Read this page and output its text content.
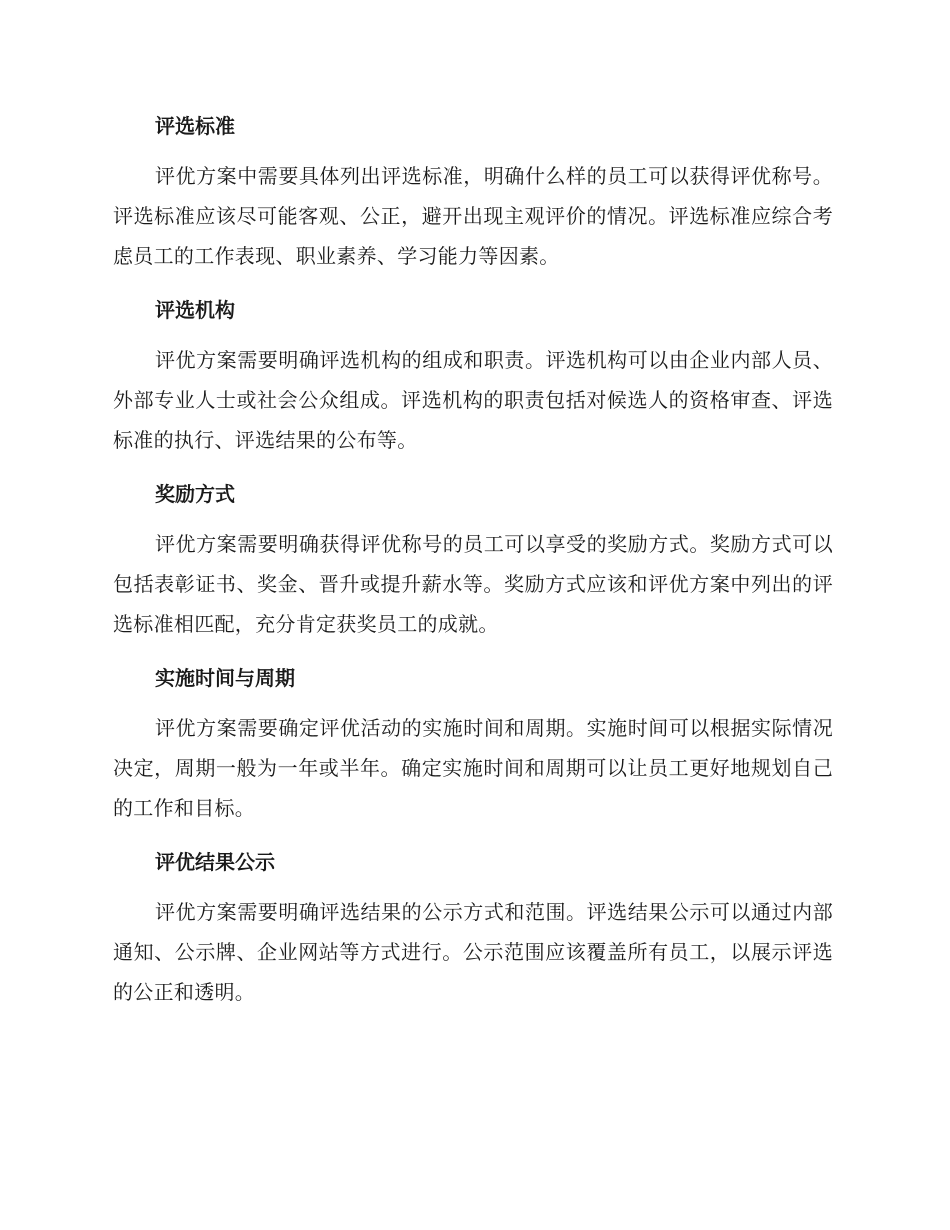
评选标准

评优方案中需要具体列出评选标准，明确什么样的员工可以获得评优称号。评选标准应该尽可能客观、公正，避开出现主观评价的情况。评选标准应综合考虑员工的工作表现、职业素养、学习能力等因素。

评选机构

评优方案需要明确评选机构的组成和职责。评选机构可以由企业内部人员、外部专业人士或社会公众组成。评选机构的职责包括对候选人的资格审查、评选标准的执行、评选结果的公布等。

奖励方式

评优方案需要明确获得评优称号的员工可以享受的奖励方式。奖励方式可以包括表彰证书、奖金、晋升或提升薪水等。奖励方式应该和评优方案中列出的评选标准相匹配，充分肯定获奖员工的成就。

实施时间与周期

评优方案需要确定评优活动的实施时间和周期。实施时间可以根据实际情况决定，周期一般为一年或半年。确定实施时间和周期可以让员工更好地规划自己的工作和目标。

评优结果公示

评优方案需要明确评选结果的公示方式和范围。评选结果公示可以通过内部通知、公示牌、企业网站等方式进行。公示范围应该覆盖所有员工，以展示评选的公正和透明。
